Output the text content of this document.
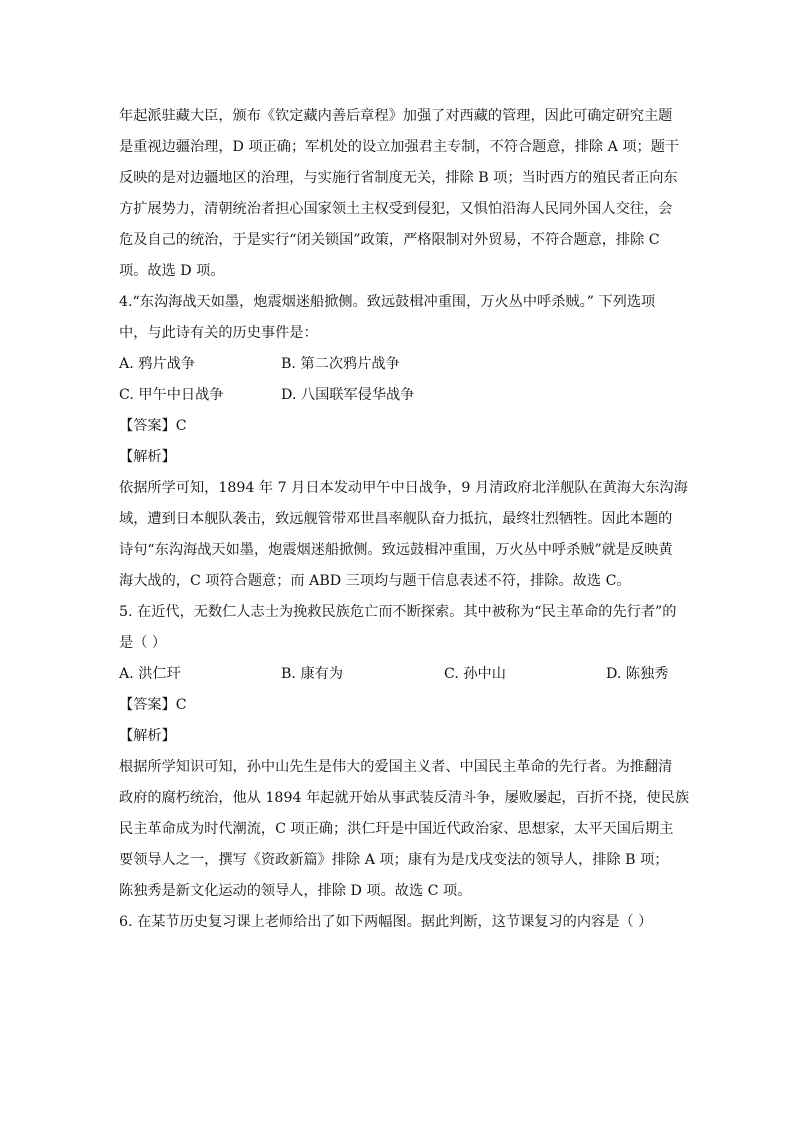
年起派驻藏大臣，颁布《钦定藏内善后章程》加强了对西藏的管理，因此可确定研究主题
是重视边疆治理，D 项正确；军机处的设立加强君主专制，不符合题意，排除 A 项；题干
反映的是对边疆地区的治理，与实施行省制度无关，排除 B 项；当时西方的殖民者正向东
方扩展势力，清朝统治者担心国家领土主权受到侵犯，又惧怕沿海人民同外国人交往，会
危及自己的统治，于是实行“闭关锁国”政策，严格限制对外贸易，不符合题意，排除 C
项。故选 D 项。
4.“东沟海战天如墨，炮震烟迷船掀侧。致远鼓楫冲重围，万火丛中呼杀贼。” 下列选项
中，与此诗有关的历史事件是：
A. 鸦片战争	B. 第二次鸦片战争
C. 甲午中日战争	D. 八国联军侵华战争
【答案】C
【解析】
依据所学可知，1894 年 7 月日本发动甲午中日战争，9 月清政府北洋舰队在黄海大东沟海
域，遭到日本舰队袭击，致远舰管带邓世昌率舰队奋力抵抗，最终壮烈牺牲。因此本题的
诗句“东沟海战天如墨，炮震烟迷船掀侧。致远鼓楫冲重围，万火丛中呼杀贼”就是反映黄
海大战的，C 项符合题意；而 ABD 三项均与题干信息表述不符，排除。故选 C。
5. 在近代，无数仁人志士为挽救民族危亡而不断探索。其中被称为“民主革命的先行者”的
是（ ）
A. 洪仁玕	B. 康有为	C. 孙中山	D. 陈独秀
【答案】C
【解析】
根据所学知识可知，孙中山先生是伟大的爱国主义者、中国民主革命的先行者。为推翻清
政府的腐朽统治，他从 1894 年起就开始从事武装反清斗争，屡败屡起，百折不挠，使民族
民主革命成为时代潮流，C 项正确；洪仁玕是中国近代政治家、思想家，太平天国后期主
要领导人之一，撰写《资政新篇》排除 A 项；康有为是戊戌变法的领导人，排除 B 项；
陈独秀是新文化运动的领导人，排除 D 项。故选 C 项。
6. 在某节历史复习课上老师给出了如下两幅图。据此判断，这节课复习的内容是（ ）
